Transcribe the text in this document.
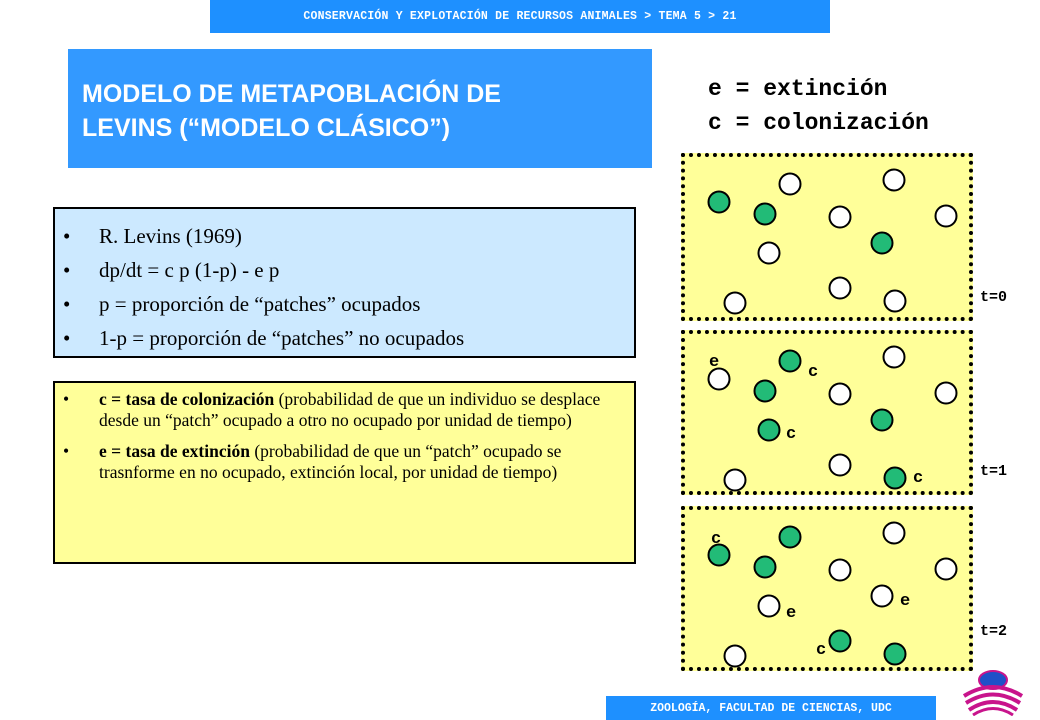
CONSERVACIÓN Y EXPLOTACIÓN DE RECURSOS ANIMALES > TEMA 5 > 21
MODELO DE METAPOBLACIÓN DE
LEVINS (“MODELO CLÁSICO”)
e = extinción
c = colonización
• R. Levins (1969)
• dp/dt = c p (1-p) - e p
• p = proporción de “patches” ocupados
• 1-p = proporción de “patches” no ocupados
• c = tasa de colonización (probabilidad de que un individuo se desplace desde un “patch” ocupado a otro no ocupado por unidad de tiempo)
• e = tasa de extinción (probabilidad de que un “patch” ocupado se trasnforme en no ocupado, extinción local, por unidad de tiempo)
e
c
c
c
c
e
e
c
t=0
t=1
t=2
ZOOLOGÍA, FACULTAD DE CIENCIAS, UDC
